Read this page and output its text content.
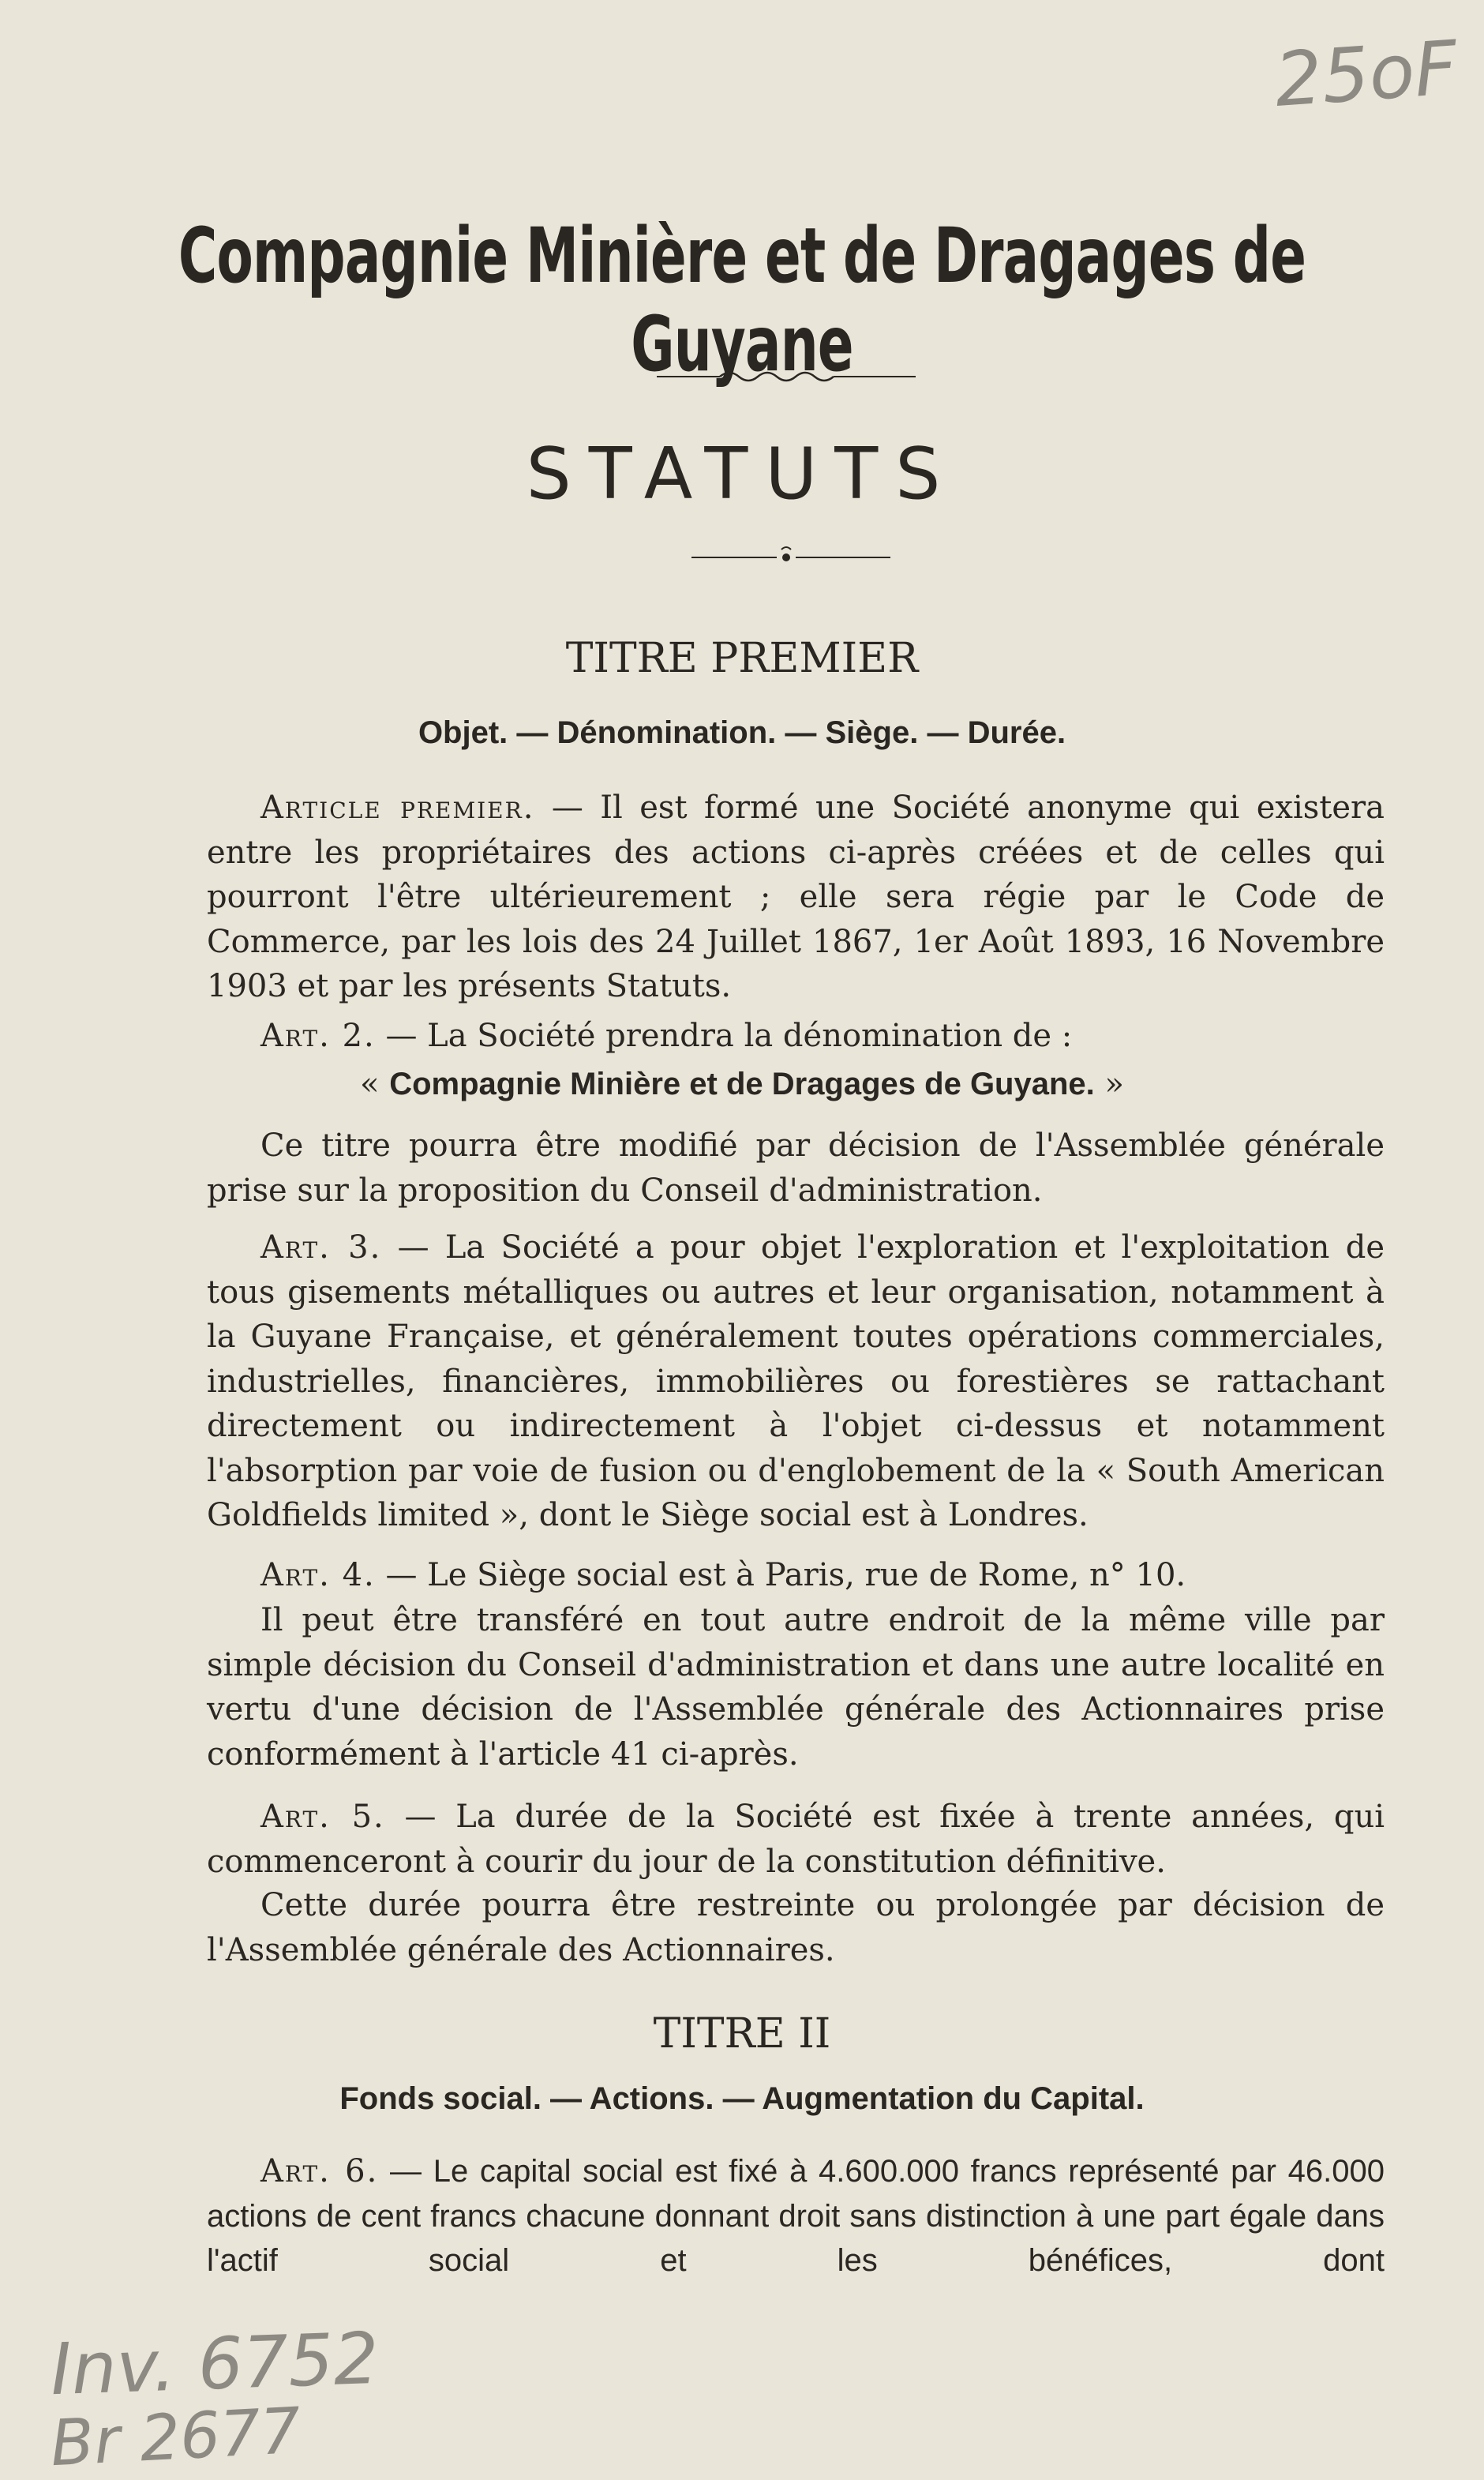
25oF
Compagnie Minière et de Dragages de Guyane
STATUTS
TITRE PREMIER
Objet. — Dénomination. — Siège. — Durée.
Article premier. — Il est formé une Société anonyme qui existera entre les propriétaires des actions ci-après créées et de celles qui pourront l'être ultérieurement ; elle sera régie par le Code de Commerce, par les lois des 24 Juillet 1867, 1er Août 1893, 16 Novembre 1903 et par les présents Statuts.
Art. 2. — La Société prendra la dénomination de :
« Compagnie Minière et de Dragages de Guyane. »
Ce titre pourra être modifié par décision de l'Assemblée générale prise sur la proposition du Conseil d'administration.
Art. 3. — La Société a pour objet l'exploration et l'exploitation de tous gisements métalliques ou autres et leur organisation, notamment à la Guyane Française, et généralement toutes opérations commerciales, industrielles, financières, immobilières ou forestières se rattachant directement ou indirectement à l'objet ci-dessus et notamment l'absorption par voie de fusion ou d'englobement de la « South American Goldfields limited », dont le Siège social est à Londres.
Art. 4. — Le Siège social est à Paris, rue de Rome, n° 10.
Il peut être transféré en tout autre endroit de la même ville par simple décision du Conseil d'administration et dans une autre localité en vertu d'une décision de l'Assemblée générale des Actionnaires prise conformément à l'article 41 ci-après.
Art. 5. — La durée de la Société est fixée à trente années, qui commenceront à courir du jour de la constitution définitive.
Cette durée pourra être restreinte ou prolongée par décision de l'Assemblée générale des Actionnaires.
TITRE II
Fonds social. — Actions. — Augmentation du Capital.
Art. 6. — Le capital social est fixé à 4.600.000 francs représenté par 46.000 actions de cent francs chacune donnant droit sans distinction à une part égale dans l'actif social et les bénéfices, dont
Inv. 6752
Br 2677
